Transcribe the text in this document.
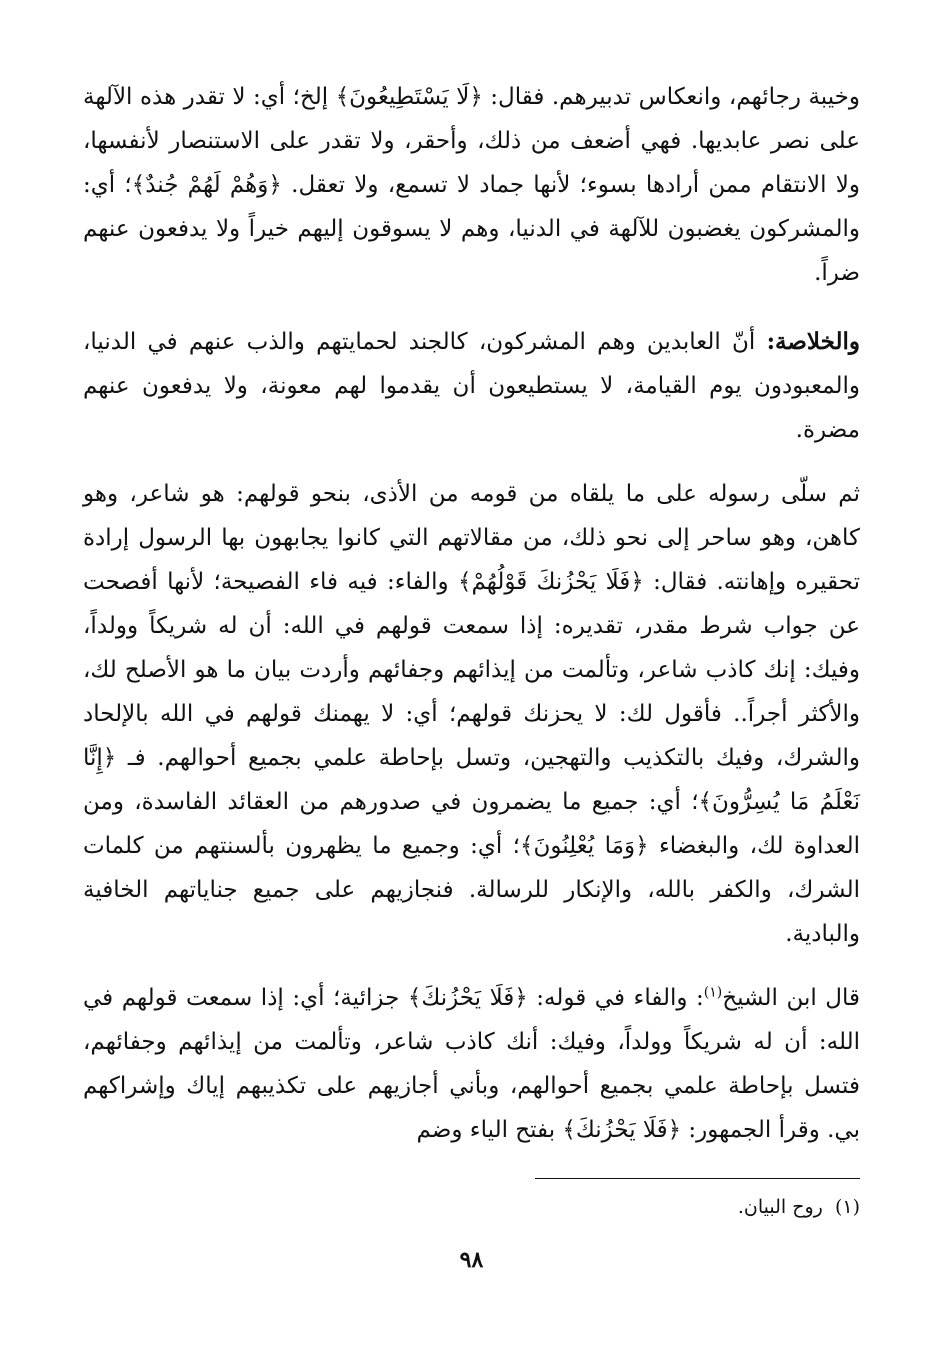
وخيبة رجائهم، وانعكاس تدبيرهم. فقال: ﴿لَا يَسْتَطِيعُونَ﴾ إلخ؛ أي: لا تقدر هذه الآلهة على نصر عابديها. فهي أضعف من ذلك، وأحقر، ولا تقدر على الاستنصار لأنفسها، ولا الانتقام ممن أرادها بسوء؛ لأنها جماد لا تسمع، ولا تعقل. ﴿وَهُمْ لَهُمْ جُندٌ﴾؛ أي: والمشركون يغضبون للآلهة في الدنيا، وهم لا يسوقون إليهم خيراً ولا يدفعون عنهم ضراً.

والخلاصة: أنّ العابدين وهم المشركون، كالجند لحمايتهم والذب عنهم في الدنيا، والمعبودون يوم القيامة، لا يستطيعون أن يقدموا لهم معونة، ولا يدفعون عنهم مضرة.

ثم سلّى رسوله على ما يلقاه من قومه من الأذى، بنحو قولهم: هو شاعر، وهو كاهن، وهو ساحر إلى نحو ذلك، من مقالاتهم التي كانوا يجابهون بها الرسول إرادة تحقيره وإهانته. فقال: ﴿فَلَا يَحْزُنكَ قَوْلُهُمْ﴾ والفاء: فيه فاء الفصيحة؛ لأنها أفصحت عن جواب شرط مقدر، تقديره: إذا سمعت قولهم في الله: أن له شريكاً وولداً، وفيك: إنك كاذب شاعر، وتألمت من إيذائهم وجفائهم وأردت بيان ما هو الأصلح لك، والأكثر أجراً.. فأقول لك: لا يحزنك قولهم؛ أي: لا يهمنك قولهم في الله بالإلحاد والشرك، وفيك بالتكذيب والتهجين، وتسل بإحاطة علمي بجميع أحوالهم. فـ ﴿إِنَّا نَعْلَمُ مَا يُسِرُّونَ﴾؛ أي: جميع ما يضمرون في صدورهم من العقائد الفاسدة، ومن العداوة لك، والبغضاء ﴿وَمَا يُعْلِنُونَ﴾؛ أي: وجميع ما يظهرون بألسنتهم من كلمات الشرك، والكفر بالله، والإنكار للرسالة. فنجازيهم على جميع جناياتهم الخافية والبادية.

قال ابن الشيخ$^{(١)}$: والفاء في قوله: ﴿فَلَا يَحْزُنكَ﴾ جزائية؛ أي: إذا سمعت قولهم في الله: أن له شريكاً وولداً، وفيك: أنك كاذب شاعر، وتألمت من إيذائهم وجفائهم، فتسل بإحاطة علمي بجميع أحوالهم، وبأني أجازيهم على تكذيبهم إياك وإشراكهم بي. وقرأ الجمهور: ﴿فَلَا يَحْزُنكَ﴾ بفتح الياء وضم

(١)  روح البيان.

٩٨
